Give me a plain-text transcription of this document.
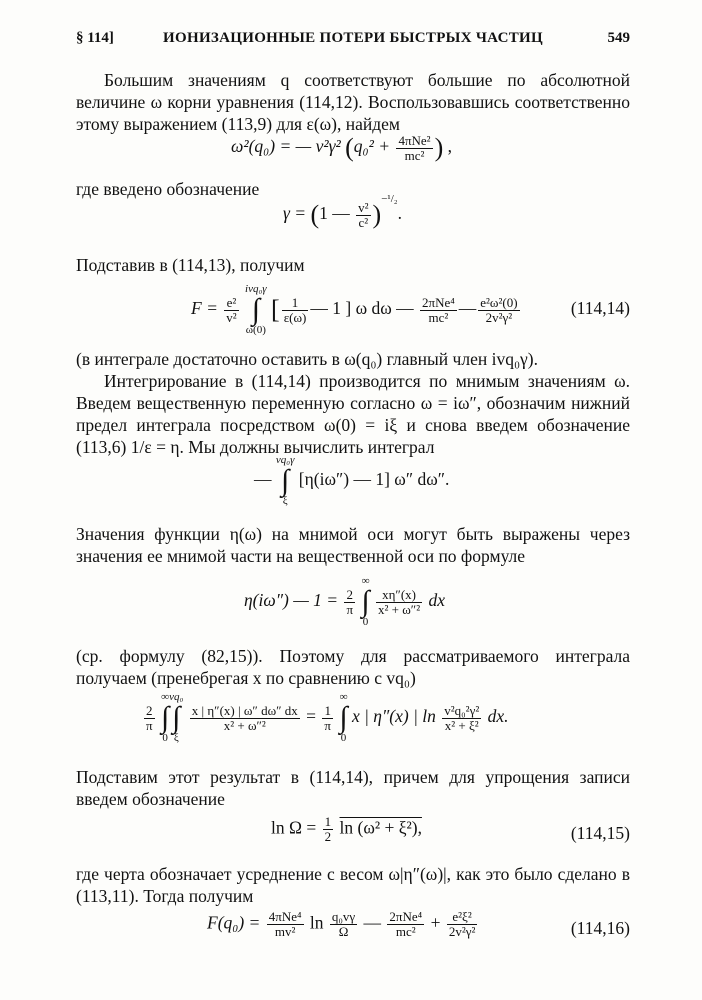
§ 114]	ИОНИЗАЦИОННЫЕ ПОТЕРИ БЫСТРЫХ ЧАСТИЦ	549
Большим значениям q соответствуют большие по абсолютной величине ω корни уравнения (114,12). Воспользовавшись соответственно этому выражением (113,9) для ε(ω), найдем
ω²(q₀) = — v²γ² ($q_0^2 + \frac{\text{4πNe²}}{\text{mc²}}$ ) ,
где введено обозначение
γ = (1 — $\frac{\text{v²}}{\text{c²}} )^{-^1/_2}$.
Подставив в (114,13), получим
$F = \frac{\text{e²}}{\text{v²}}$

ivq₀γ
∫
ω(0)
[ $\frac{1}{\varepsilon(\omega)}$ — 1 ] ω dω — $\frac{\text{2πNe⁴}}{\text{mc²}}$ — $\frac{\text{e²ω²(0)}}{\text{2v²γ²}}$	(114,14)
(в интеграле достаточно оставить в ω(q₀) главный член ivq₀γ).
Интегрирование в (114,14) производится по мнимым значениям ω. Введем вещественную переменную согласно ω = iω″, обозначим нижний предел интеграла посредством ω(0) = iξ и снова введем обозначение (113,6) 1/ε = η. Мы должны вычислить интеграл
—
vq₀γ
∫
ξ
[η(iω″) — 1] ω″ dω″.
Значения функции η(ω) на мнимой оси могут быть выражены через значения ее мнимой части на вещественной оси по формуле
η(iω″) — $1 = \frac{2}{\pi}$

∞
∫
0

$\frac{x\eta''(x)}{\text{x² + ω″²}}$ dx
(ср. формулу (82,15)). Поэтому для рассматриваемого интеграла получаем (пренебрегая x по сравнению с vq₀)
$\frac{2}{\pi}$

∞
∫
0
vq₀
∫
ξ

$\frac{x | \eta''(x) | \omega'' d\omega'' dx}{\text{x² + ω″²}} = \frac{1}{\pi}$

∞
∫
0
x | η″(x) | $\ln \frac{\text{v²q₀²γ²}}{\text{x² + ξ²}}$ dx.
Подставим этот результат в (114,14), причем для упрощения записи введем обозначение
$\ln \Omega = \frac{1}{2}$ ln (ω² + ξ²),	(114,15)
где черта обозначает усреднение с весом ω|η″(ω)|, как это было сделано в (113,11). Тогда получим
$F(q_0) = \frac{\text{4πNe⁴}}{\text{mv²}}$ $\ln \frac{\text{q₀vγ}}{\Omega}$ — $\frac{\text{2πNe⁴}}{\text{mc²}} + \frac{\text{e²ξ²}}{\text{2v²γ²}}$	(114,16)
